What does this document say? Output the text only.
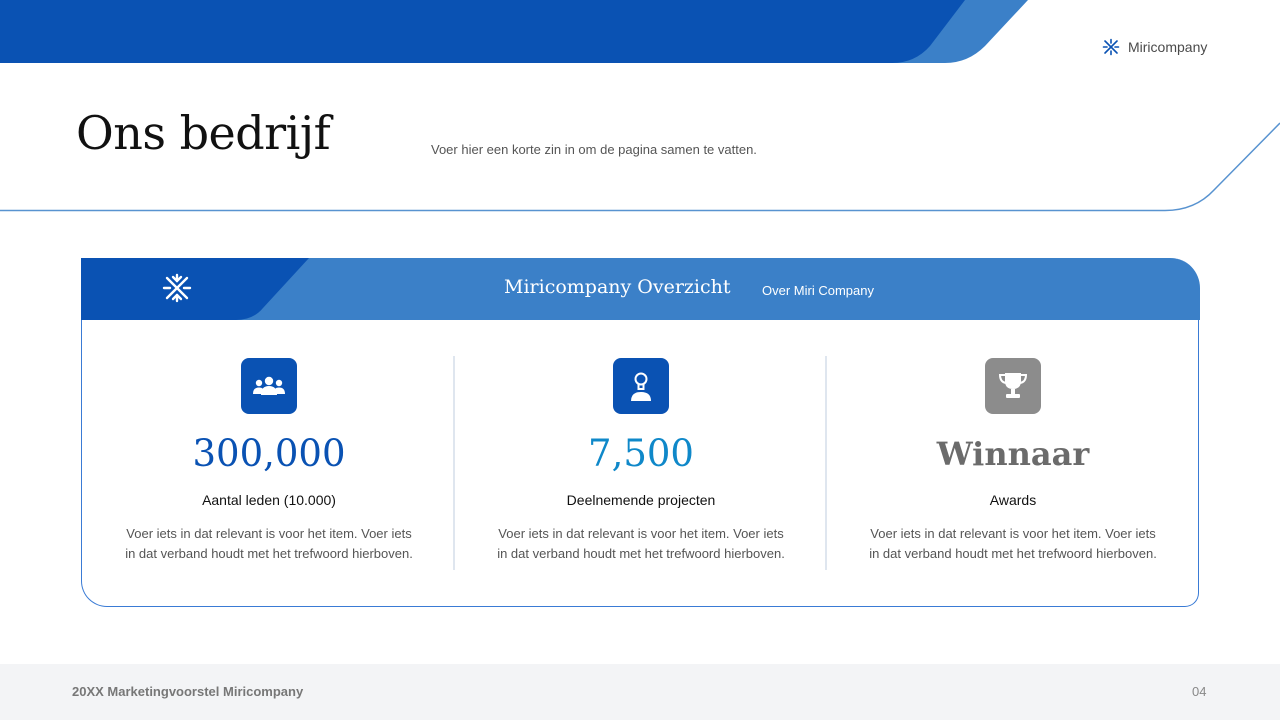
Miricompany
Ons bedrijf	Voer hier een korte zin in om de pagina samen te vatten.
Miricompany Overzicht Over Miri Company
300,000
Aantal leden (10.000)
Voer iets in dat relevant is voor het item. Voer iets in dat verband houdt met het trefwoord hierboven.
7,500
Deelnemende projecten
Voer iets in dat relevant is voor het item. Voer iets in dat verband houdt met het trefwoord hierboven.
Winnaar
Awards
Voer iets in dat relevant is voor het item. Voer iets in dat verband houdt met het trefwoord hierboven.
20XX Marketingvoorstel Miricompany	04
